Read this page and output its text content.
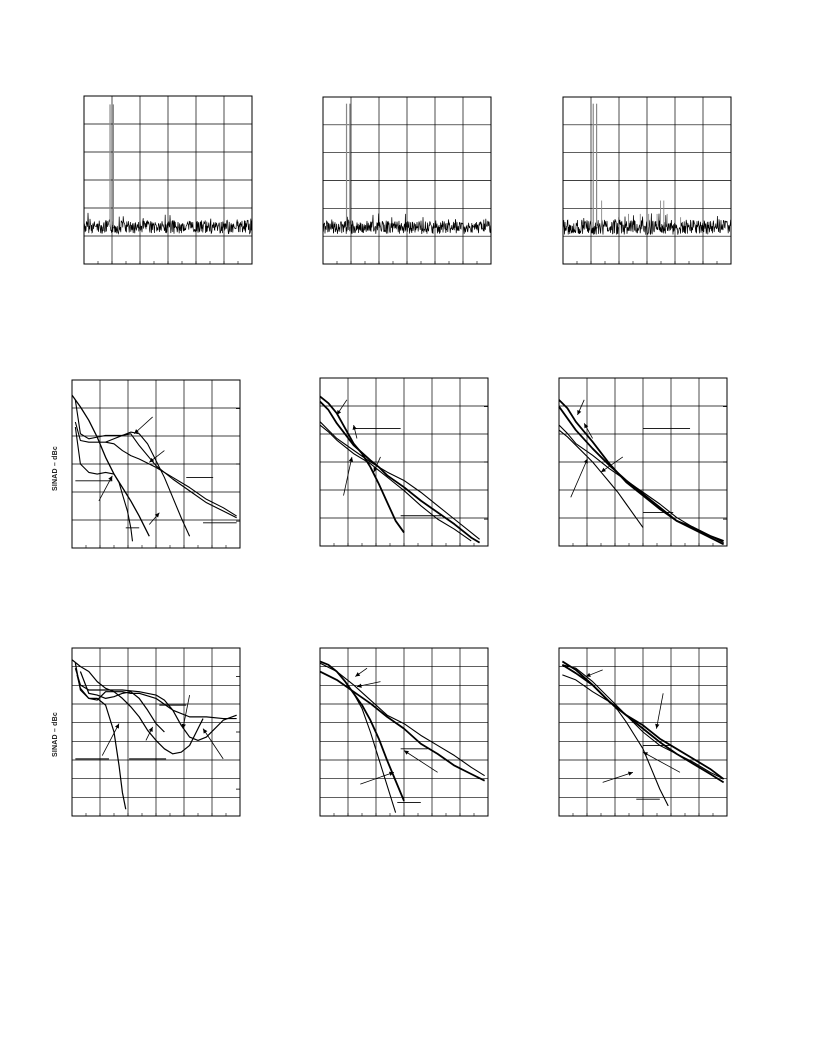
SINAD – dBc
SINAD – dBc
